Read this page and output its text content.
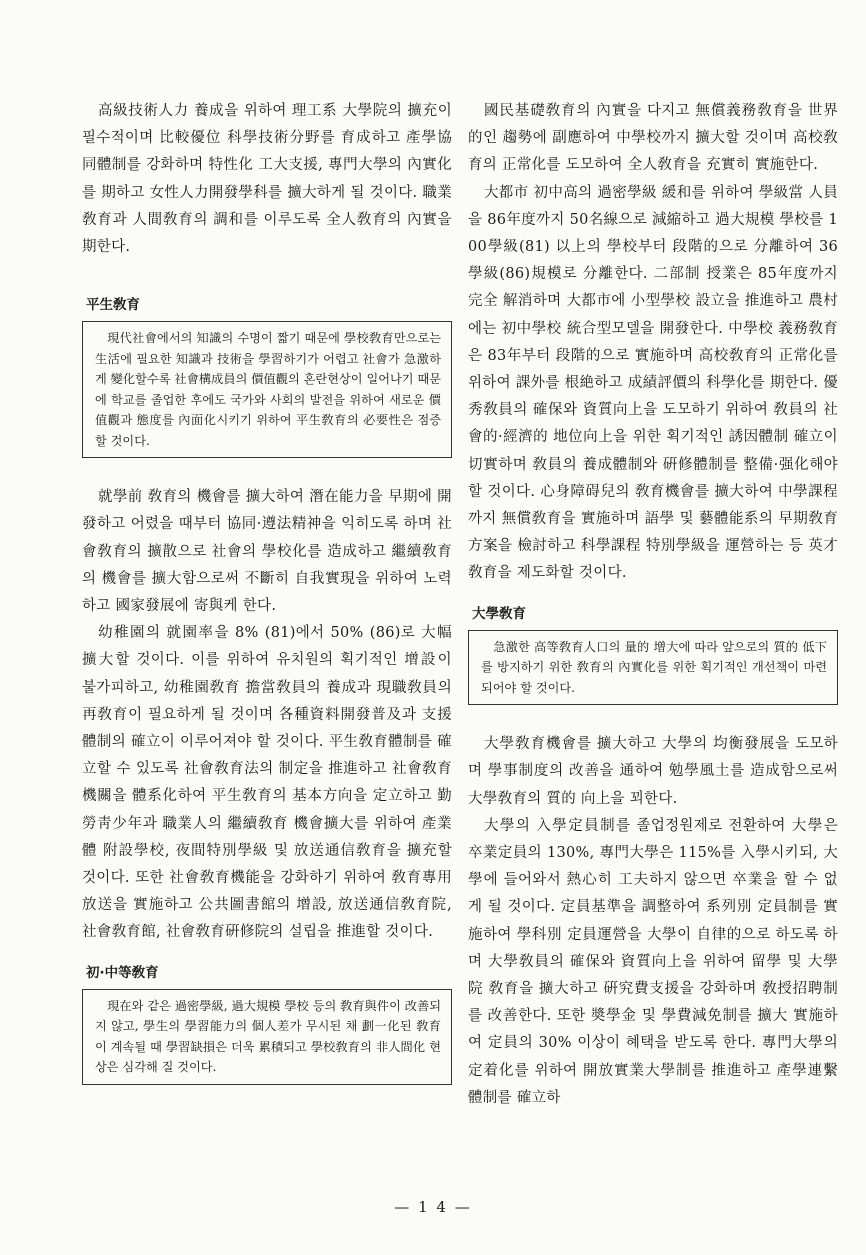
高級技術人力 養成을 위하여 理工系 大學院의 擴充이 필수적이며 比較優位 科學技術分野를 育成하고 產學協同體制를 강화하며 特性化 工大支援, 專門大學의 內實化를 期하고 女性人力開發學科를 擴大하게 될 것이다. 職業敎育과 人間敎育의 調和를 이루도록 全人敎育의 內實을 期한다.

平生敎育

現代社會에서의 知識의 수명이 짧기 때문에 學校敎育만으로는 生活에 필요한 知識과 技術을 學習하기가 어렵고 社會가 急激하게 變化할수록 社會構成員의 價值觀의 혼란현상이 일어나기 때문에 학교를 졸업한 후에도 국가와 사회의 발전을 위하여 새로운 價值觀과 態度를 內面化시키기 위하여 平生敎育의 必要性은 점증할 것이다.

就學前 敎育의 機會를 擴大하여 潛在能力을 早期에 開發하고 어렸을 때부터 協同·遵法精神을 익히도록 하며 社會敎育의 擴散으로 社會의 學校化를 造成하고 繼續敎育의 機會를 擴大함으로써 不斷히 自我實現을 위하여 노력하고 國家發展에 寄與케 한다.

幼稚園의 就園率을 8% (81)에서 50% (86)로 大幅 擴大할 것이다. 이를 위하여 유치원의 획기적인 增設이 불가피하고, 幼稚園敎育 擔當敎員의 養成과 現職敎員의 再敎育이 필요하게 될 것이며 各種資料開發普及과 支援體制의 確立이 이루어져야 할 것이다. 平生敎育體制를 確立할 수 있도록 社會敎育法의 制定을 推進하고 社會敎育機關을 體系化하여 平生敎育의 基本方向을 定立하고 勤勞靑少年과 職業人의 繼續敎育 機會擴大를 위하여 產業體 附設學校, 夜間特別學級 및 放送通信敎育을 擴充할 것이다. 또한 社會敎育機能을 강화하기 위하여 敎育專用放送을 實施하고 公共圖書館의 增設, 放送通信敎育院, 社會敎育館, 社會敎育硏修院의 설립을 推進할 것이다.

初·中等敎育

現在와 같은 過密學級, 過大規模 學校 등의 敎育與件이 改善되지 않고, 學生의 學習能力의 個人差가 무시된 채 劃一化된 敎育이 계속될 때 學習缺損은 더욱 累積되고 學校敎育의 非人間化 현상은 심각해 질 것이다.

國民基礎敎育의 內實을 다지고 無償義務敎育을 世界的인 趨勢에 副應하여 中學校까지 擴大할 것이며 高校敎育의 正常化를 도모하여 全人敎育을 充實히 實施한다.

大都市 初中高의 過密學級 緩和를 위하여 學級當 人員을 86年度까지 50名線으로 減縮하고 過大規模 學校를 100學級(81) 以上의 學校부터 段階的으로 分離하여 36學級(86)規模로 分離한다. 二部制 授業은 85年度까지 完全 解消하며 大都市에 小型學校 設立을 推進하고 農村에는 初中學校 統合型모델을 開發한다. 中學校 義務敎育은 83年부터 段階的으로 實施하며 高校敎育의 正常化를 위하여 課外를 根絶하고 成績評價의 科學化를 期한다. 優秀敎員의 確保와 資質向上을 도모하기 위하여 敎員의 社會的·經濟的 地位向上을 위한 획기적인 誘因體制 確立이 切實하며 敎員의 養成體制와 硏修體制를 整備·强化해야 할 것이다. 心身障碍兒의 敎育機會를 擴大하여 中學課程까지 無償敎育을 實施하며 語學 및 藝體能系의 早期敎育方案을 檢討하고 科學課程 特別學級을 運營하는 등 英才敎育을 제도화할 것이다.

大學敎育

急激한 高等敎育人口의 量的 增大에 따라 앞으로의 質的 低下를 방지하기 위한 敎育의 內實化를 위한 획기적인 개선책이 마련되어야 할 것이다.

大學敎育機會를 擴大하고 大學의 均衡發展을 도모하며 學事制度의 改善을 通하여 勉學風土를 造成함으로써 大學敎育의 質的 向上을 꾀한다.

大學의 入學定員制를 졸업정원제로 전환하여 大學은 卒業定員의 130%, 專門大學은 115%를 入學시키되, 大學에 들어와서 熱心히 工夫하지 않으면 卒業을 할 수 없게 될 것이다. 定員基準을 調整하여 系列別 定員制를 實施하여 學科別 定員運營을 大學이 自律的으로 하도록 하며 大學敎員의 確保와 資質向上을 위하여 留學 및 大學院 敎育을 擴大하고 硏究費支援을 강화하며 敎授招聘制를 改善한다. 또한 奬學金 및 學費減免制를 擴大 實施하여 定員의 30% 이상이 혜택을 받도록 한다. 專門大學의 定着化를 위하여 開放實業大學制를 推進하고 產學連繫體制를 確立하

— 1 4 —
